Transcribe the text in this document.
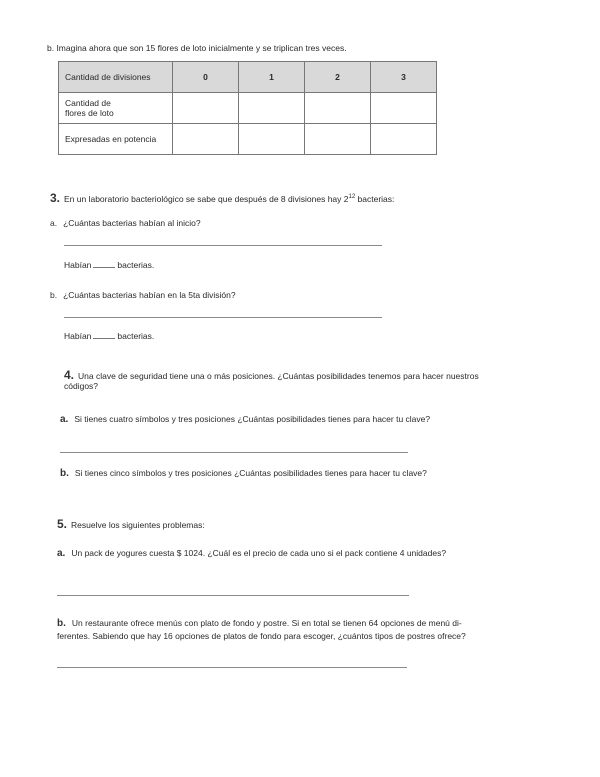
b. Imagina ahora que son 15 flores de loto inicialmente y se triplican tres veces.
Cantidad de divisiones	0	1	2	3

Cantidad de
flores de loto				

Expresadas en potencia				
3. En un laboratorio bacteriológico se sabe que después de 8 divisiones hay $2^{12}$ bacterias:
a. ¿Cuántas bacterias habían al inicio?
Habían	bacterias.
b. ¿Cuántas bacterias habían en la 5ta división?
Habían	bacterias.
4. Una clave de seguridad tiene una o más posiciones. ¿Cuántas posibilidades tenemos para hacer nuestros
códigos?
a. Si tienes cuatro símbolos y tres posiciones ¿Cuántas posibilidades tienes para hacer tu clave?
b. Si tienes cinco símbolos y tres posiciones ¿Cuántas posibilidades tienes para hacer tu clave?
5. Resuelve los siguientes problemas:
a. Un pack de yogures cuesta $ 1024. ¿Cuál es el precio de cada uno si el pack contiene 4 unidades?
b. Un restaurante ofrece menús con plato de fondo y postre. Si en total se tienen 64 opciones de menú di-
ferentes. Sabiendo que hay 16 opciones de platos de fondo para escoger, ¿cuántos tipos de postres ofrece?
